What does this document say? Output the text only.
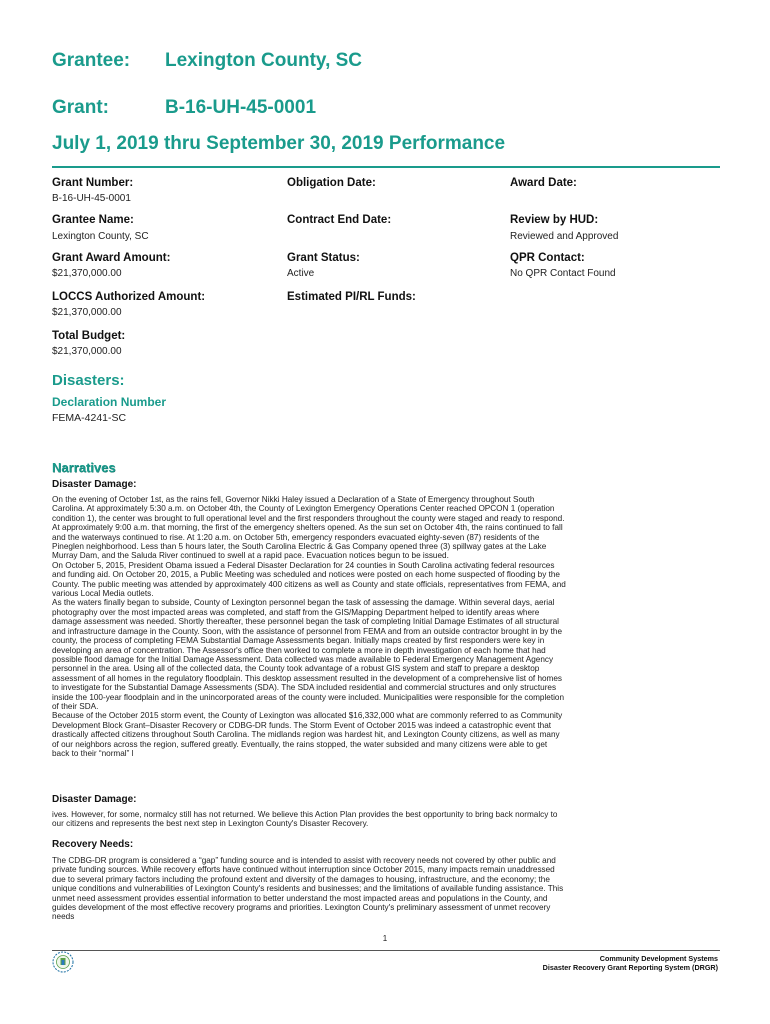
Grantee: Lexington County, SC
Grant:	B-16-UH-45-0001
July 1, 2019 thru September 30, 2019 Performance
Grant Number:
B-16-UH-45-0001
Obligation Date:	Award Date:
Grantee Name:
Lexington County, SC
Contract End Date:	Review by HUD:
Reviewed and Approved
Grant Award Amount:
$21,370,000.00
Grant Status:
Active
QPR Contact:
No QPR Contact Found
LOCCS Authorized Amount:
$21,370,000.00
Estimated PI/RL Funds:
Total Budget:
$21,370,000.00
Disasters:
Declaration Number
FEMA-4241-SC
Narratives
Disaster Damage:
On the evening of October 1st, as the rains fell, Governor Nikki Haley issued a Declaration of a State of Emergency throughout South
Carolina. At approximately 5:30 a.m. on October 4th, the County of Lexington Emergency Operations Center reached OPCON 1 (operation
condition 1), the center was brought to full operational level and the first responders throughout the county were staged and ready to respond.
At approximately 9:00 a.m. that morning, the first of the emergency shelters opened. As the sun set on October 4th, the rains continued to fall
and the waterways continued to rise. At 1:20 a.m. on October 5th, emergency responders evacuated eighty-seven (87) residents of the
Pineglen neighborhood. Less than 5 hours later, the South Carolina Electric & Gas Company opened three (3) spillway gates at the Lake
Murray Dam, and the Saluda River continued to swell at a rapid pace. Evacuation notices begun to be issued.
On October 5, 2015, President Obama issued a Federal Disaster Declaration for 24 counties in South Carolina activating federal resources
and funding aid. On October 20, 2015, a Public Meeting was scheduled and notices were posted on each home suspected of flooding by the
County. The public meeting was attended by approximately 400 citizens as well as County and state officials, representatives from FEMA, and
various Local Media outlets.
As the waters finally began to subside, County of Lexington personnel began the task of assessing the damage. Within several days, aerial
photography over the most impacted areas was completed, and staff from the GIS/Mapping Department helped to identify areas where
damage assessment was needed. Shortly thereafter, these personnel began the task of completing Initial Damage Estimates of all structural
and infrastructure damage in the County. Soon, with the assistance of personnel from FEMA and from an outside contractor brought in by the
county, the process of completing FEMA Substantial Damage Assessments began. Initially maps created by first responders were key in
developing an area of concentration. The Assessor's office then worked to complete a more in depth investigation of each home that had
possible flood damage for the Initial Damage Assessment. Data collected was made available to Federal Emergency Management Agency
personnel in the area. Using all of the collected data, the County took advantage of a robust GIS system and staff to prepare a desktop
assessment of all homes in the regulatory floodplain. This desktop assessment resulted in the development of a comprehensive list of homes
to investigate for the Substantial Damage Assessments (SDA). The SDA included residential and commercial structures and only structures
inside the 100-year floodplain and in the unincorporated areas of the county were included. Municipalities were responsible for the completion
of their SDA.
Because of the October 2015 storm event, the County of Lexington was allocated $16,332,000 what are commonly referred to as Community
Development Block Grant–Disaster Recovery or CDBG-DR funds. The Storm Event of October 2015 was indeed a catastrophic event that
drastically affected citizens throughout South Carolina. The midlands region was hardest hit, and Lexington County citizens, as well as many
of our neighbors across the region, suffered greatly. Eventually, the rains stopped, the water subsided and many citizens were able to get
back to their “normal” l
Disaster Damage:
ives. However, for some, normalcy still has not returned. We believe this Action Plan provides the best opportunity to bring back normalcy to
our citizens and represents the best next step in Lexington County's Disaster Recovery.
Recovery Needs:
The CDBG-DR program is considered a “gap” funding source and is intended to assist with recovery needs not covered by other public and
private funding sources. While recovery efforts have continued without interruption since October 2015, many impacts remain unaddressed
due to several primary factors including the profound extent and diversity of the damages to housing, infrastructure, and the economy; the
unique conditions and vulnerabilities of Lexington County's residents and businesses; and the limitations of available funding assistance. This
unmet need assessment provides essential information to better understand the most impacted areas and populations in the County, and
guides development of the most effective recovery programs and priorities. Lexington County's preliminary assessment of unmet recovery
needs
1
Community Development Systems
Disaster Recovery Grant Reporting System (DRGR)
